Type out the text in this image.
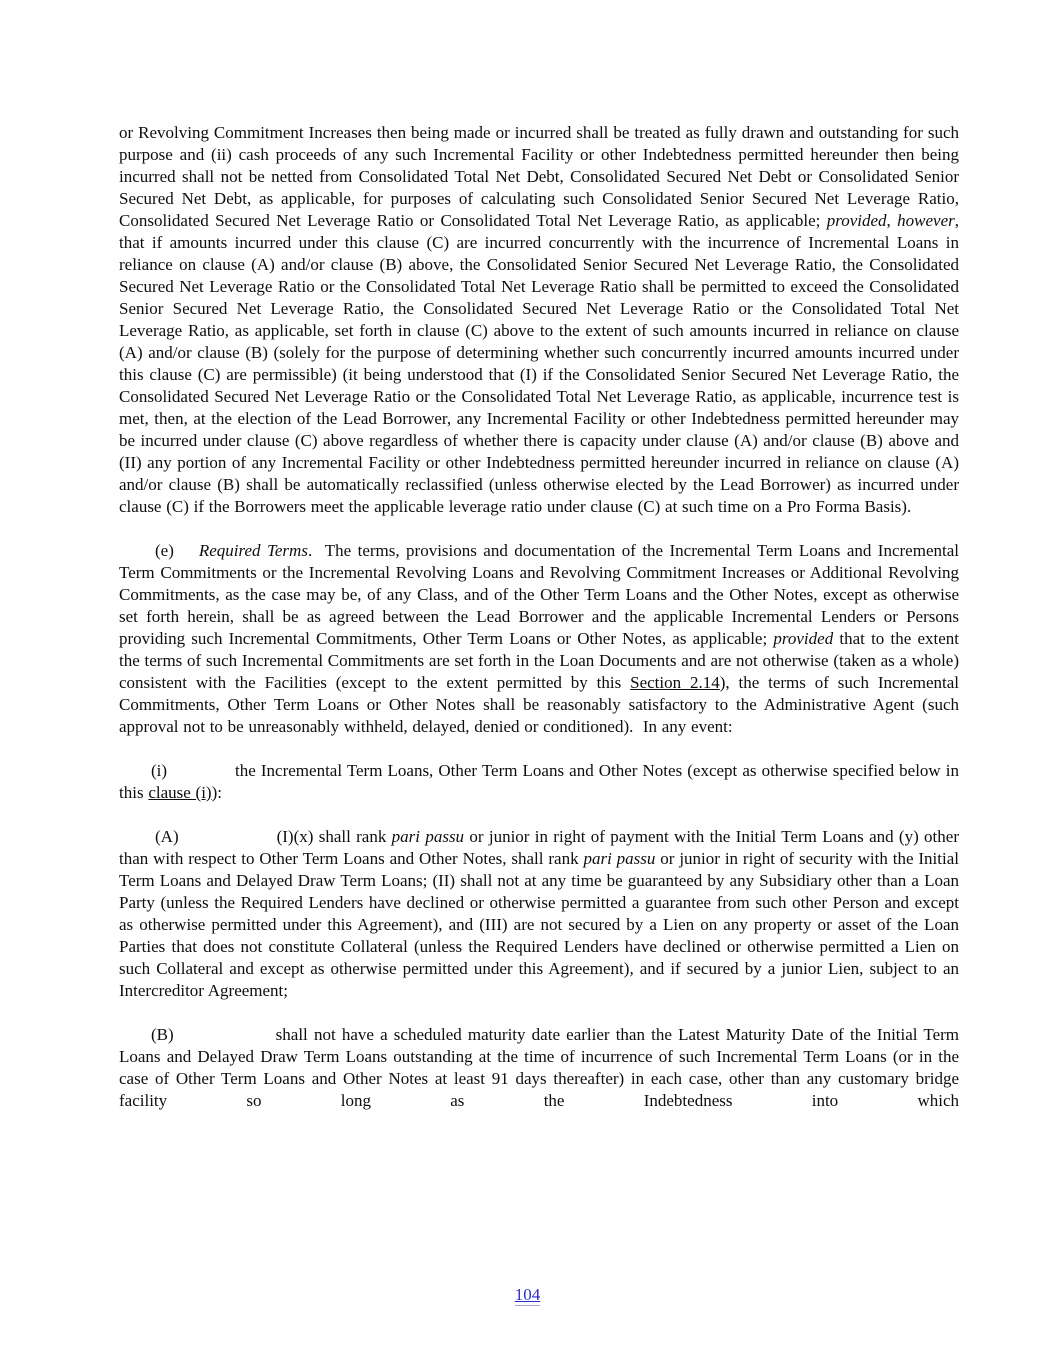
or Revolving Commitment Increases then being made or incurred shall be treated as fully drawn and outstanding for such purpose and (ii) cash proceeds of any such Incremental Facility or other Indebtedness permitted hereunder then being incurred shall not be netted from Consolidated Total Net Debt, Consolidated Secured Net Debt or Consolidated Senior Secured Net Debt, as applicable, for purposes of calculating such Consolidated Senior Secured Net Leverage Ratio, Consolidated Secured Net Leverage Ratio or Consolidated Total Net Leverage Ratio, as applicable; provided, however, that if amounts incurred under this clause (C) are incurred concurrently with the incurrence of Incremental Loans in reliance on clause (A) and/or clause (B) above, the Consolidated Senior Secured Net Leverage Ratio, the Consolidated Secured Net Leverage Ratio or the Consolidated Total Net Leverage Ratio shall be permitted to exceed the Consolidated Senior Secured Net Leverage Ratio, the Consolidated Secured Net Leverage Ratio or the Consolidated Total Net Leverage Ratio, as applicable, set forth in clause (C) above to the extent of such amounts incurred in reliance on clause (A) and/or clause (B) (solely for the purpose of determining whether such concurrently incurred amounts incurred under this clause (C) are permissible) (it being understood that (I) if the Consolidated Senior Secured Net Leverage Ratio, the Consolidated Secured Net Leverage Ratio or the Consolidated Total Net Leverage Ratio, as applicable, incurrence test is met, then, at the election of the Lead Borrower, any Incremental Facility or other Indebtedness permitted hereunder may be incurred under clause (C) above regardless of whether there is capacity under clause (A) and/or clause (B) above and (II) any portion of any Incremental Facility or other Indebtedness permitted hereunder incurred in reliance on clause (A) and/or clause (B) shall be automatically reclassified (unless otherwise elected by the Lead Borrower) as incurred under clause (C) if the Borrowers meet the applicable leverage ratio under clause (C) at such time on a Pro Forma Basis).

(e) Required Terms.  The terms, provisions and documentation of the Incremental Term Loans and Incremental Term Commitments or the Incremental Revolving Loans and Revolving Commitment Increases or Additional Revolving Commitments, as the case may be, of any Class, and of the Other Term Loans and the Other Notes, except as otherwise set forth herein, shall be as agreed between the Lead Borrower and the applicable Incremental Lenders or Persons providing such Incremental Commitments, Other Term Loans or Other Notes, as applicable; provided that to the extent the terms of such Incremental Commitments are set forth in the Loan Documents and are not otherwise (taken as a whole) consistent with the Facilities (except to the extent permitted by this Section 2.14), the terms of such Incremental Commitments, Other Term Loans or Other Notes shall be reasonably satisfactory to the Administrative Agent (such approval not to be unreasonably withheld, delayed, denied or conditioned).  In any event:

(i)	the Incremental Term Loans, Other Term Loans and Other Notes (except as otherwise specified below in this clause (i)):

(A)	(I)(x) shall rank pari passu or junior in right of payment with the Initial Term Loans and (y) other than with respect to Other Term Loans and Other Notes, shall rank pari passu or junior in right of security with the Initial Term Loans and Delayed Draw Term Loans; (II) shall not at any time be guaranteed by any Subsidiary other than a Loan Party (unless the Required Lenders have declined or otherwise permitted a guarantee from such other Person and except as otherwise permitted under this Agreement), and (III) are not secured by a Lien on any property or asset of the Loan Parties that does not constitute Collateral (unless the Required Lenders have declined or otherwise permitted a Lien on such Collateral and except as otherwise permitted under this Agreement), and if secured by a junior Lien, subject to an Intercreditor Agreement;

(B)	shall not have a scheduled maturity date earlier than the Latest Maturity Date of the Initial Term Loans and Delayed Draw Term Loans outstanding at the time of incurrence of such Incremental Term Loans (or in the case of Other Term Loans and Other Notes at least 91 days thereafter) in each case, other than any customary bridge facility so long as the Indebtedness into which

104
